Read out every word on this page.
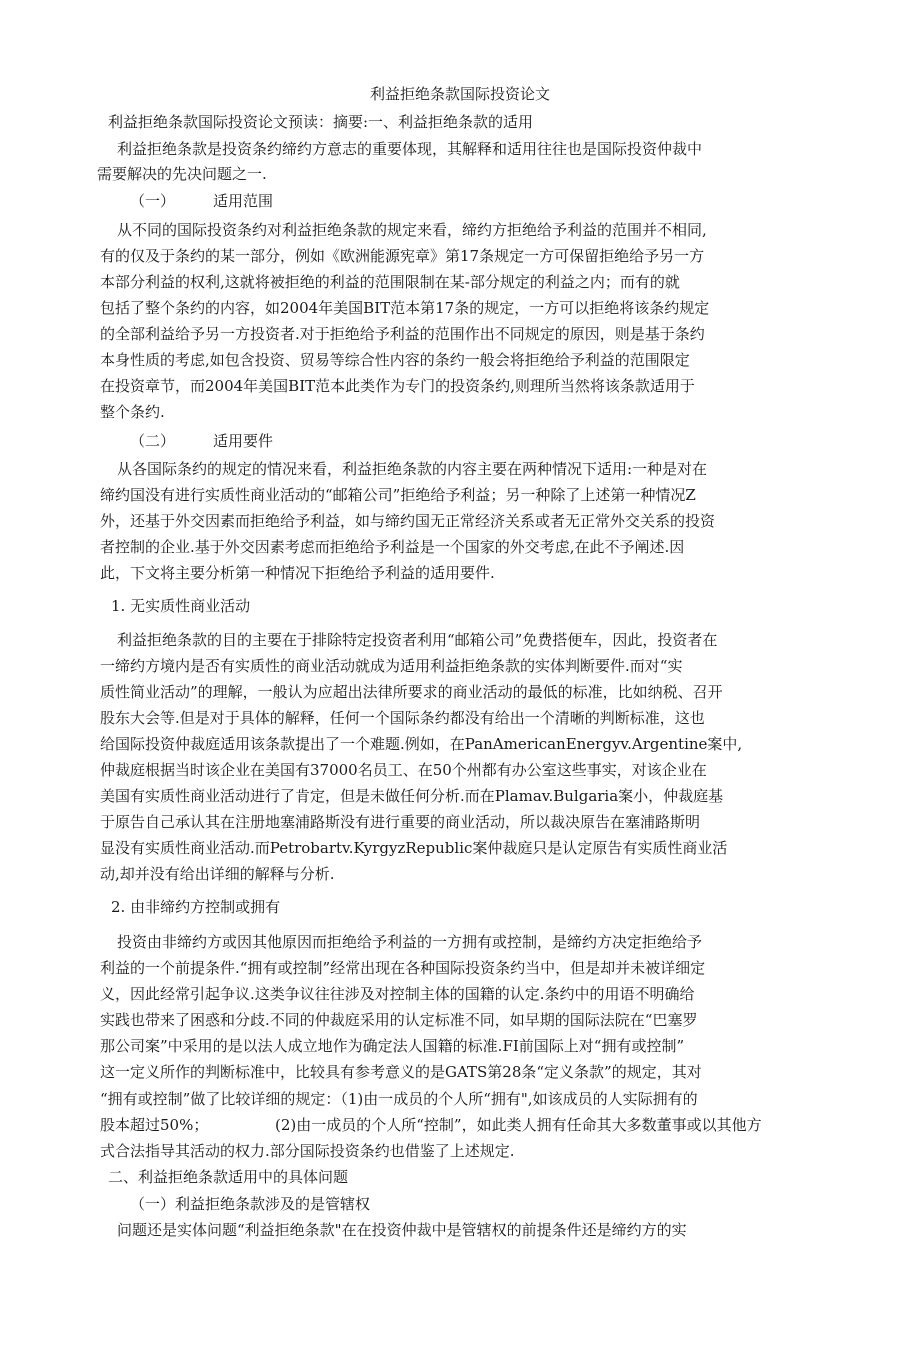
利益拒绝条款国际投资论文
利益拒绝条款国际投资论文预读：摘要:一、利益拒绝条款的适用
利益拒绝条款是投资条约缔约方意志的重要体现，其解释和适用往往也是国际投资仲裁中
需要解决的先决问题之一.
（一）	适用范围
从不同的国际投资条约对利益拒绝条款的规定来看，缔约方拒绝给予利益的范围并不相同,
有的仅及于条约的某一部分，例如《欧洲能源宪章》第17条规定一方可保留拒绝给予另一方
本部分利益的权利,这就将被拒绝的利益的范围限制在某-部分规定的利益之内；而有的就
包括了整个条约的内容，如2004年美国BIT范本第17条的规定，一方可以拒绝将该条约规定
的全部利益给予另一方投资者.对于拒绝给予利益的范围作出不同规定的原因，则是基于条约
本身性质的考虑,如包含投资、贸易等综合性内容的条约一般会将拒绝给予利益的范围限定
在投资章节，而2004年美国BIT范本此类作为专门的投资条约,则理所当然将该条款适用于
整个条约.
（二）	适用要件
从各国际条约的规定的情况来看，利益拒绝条款的内容主要在两种情况下适用:一种是对在
缔约国没有进行实质性商业活动的“邮箱公司”拒绝给予利益；另一种除了上述第一种情况Z
外，还基于外交因素而拒绝给予利益，如与缔约国无正常经济关系或者无正常外交关系的投资
者控制的企业.基于外交因素考虑而拒绝给予利益是一个国家的外交考虑,在此不予阐述.因
此，下文将主要分析第一种情况下拒绝给予利益的适用要件.
1. 无实质性商业活动
利益拒绝条款的目的主要在于排除特定投资者利用“邮箱公司”免费搭便车，因此，投资者在
一缔约方境内是否有实质性的商业活动就成为适用利益拒绝条款的实体判断要件.而对“实
质性简业活动”的理解，一般认为应超出法律所要求的商业活动的最低的标准，比如纳税、召开
股东大会等.但是对于具体的解释，任何一个国际条约都没有给出一个清晰的判断标准，这也
给国际投资仲裁庭适用该条款提出了一个难题.例如，在PanAmericanEnergyv.Argentine案中,
仲裁庭根据当时该企业在美国有37000名员工、在50个州都有办公室这些事实，对该企业在
美国有实质性商业活动进行了肯定，但是未做任何分析.而在Plamav.Bulgaria案小，仲裁庭基
于原告自己承认其在注册地塞浦路斯没有进行重要的商业活动，所以裁决原告在塞浦路斯明
显没有实质性商业活动.而Petrobartv.KyrgyzRepublic案仲裁庭只是认定原告有实质性商业活
动,却并没有给出详细的解释与分析.
2. 由非缔约方控制或拥有
投资由非缔约方或因其他原因而拒绝给予利益的一方拥有或控制，是缔约方决定拒绝给予
利益的一个前提条件.“拥有或控制”经常出现在各种国际投资条约当中，但是却并未被详细定
义，因此经常引起争议.这类争议往往涉及对控制主体的国籍的认定.条约中的用语不明确给
实践也带来了困惑和分歧.不同的仲裁庭采用的认定标准不同，如早期的国际法院在“巴塞罗
那公司案”中采用的是以法人成立地作为确定法人国籍的标准.FI前国际上对“拥有或控制”
这一定义所作的判断标准中，比较具有参考意义的是GATS第28条“定义条款”的规定，其对
“拥有或控制”做了比较详细的规定：（1)由一成员的个人所“拥有",如该成员的人实际拥有的
股本超过50%；	(2)由一成员的个人所“控制”，如此类人拥有任命其大多数董事或以其他方
式合法指导其活动的权力.部分国际投资条约也借鉴了上述规定.
二、利益拒绝条款适用中的具体问题
（一）利益拒绝条款涉及的是管辖权
问题还是实体问题“利益拒绝条款"在在投资仲裁中是管辖权的前提条件还是缔约方的实
